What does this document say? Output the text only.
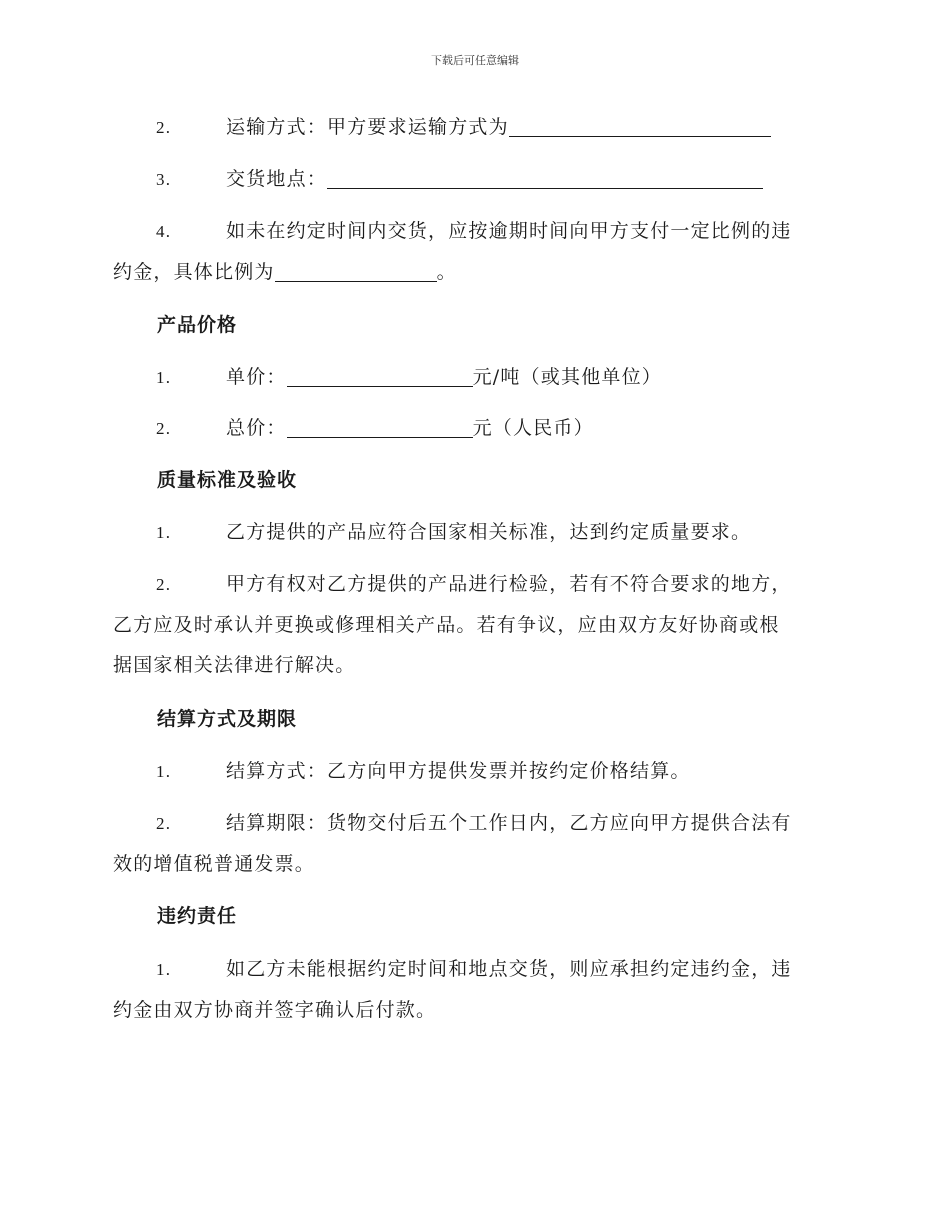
下载后可任意编辑
2.	运输方式：甲方要求运输方式为
3.	交货地点：
4.	如未在约定时间内交货，应按逾期时间向甲方支付一定比例的违
约金，具体比例为	。
产品价格
1.	单价：	元/吨（或其他单位）
2.	总价：	元（人民币）
质量标准及验收
1.	乙方提供的产品应符合国家相关标准，达到约定质量要求。
2.	甲方有权对乙方提供的产品进行检验，若有不符合要求的地方，
乙方应及时承认并更换或修理相关产品。若有争议，应由双方友好协商或根
据国家相关法律进行解决。
结算方式及期限
1.	结算方式：乙方向甲方提供发票并按约定价格结算。
2.	结算期限：货物交付后五个工作日内，乙方应向甲方提供合法有
效的增值税普通发票。
违约责任
1.	如乙方未能根据约定时间和地点交货，则应承担约定违约金，违
约金由双方协商并签字确认后付款。
